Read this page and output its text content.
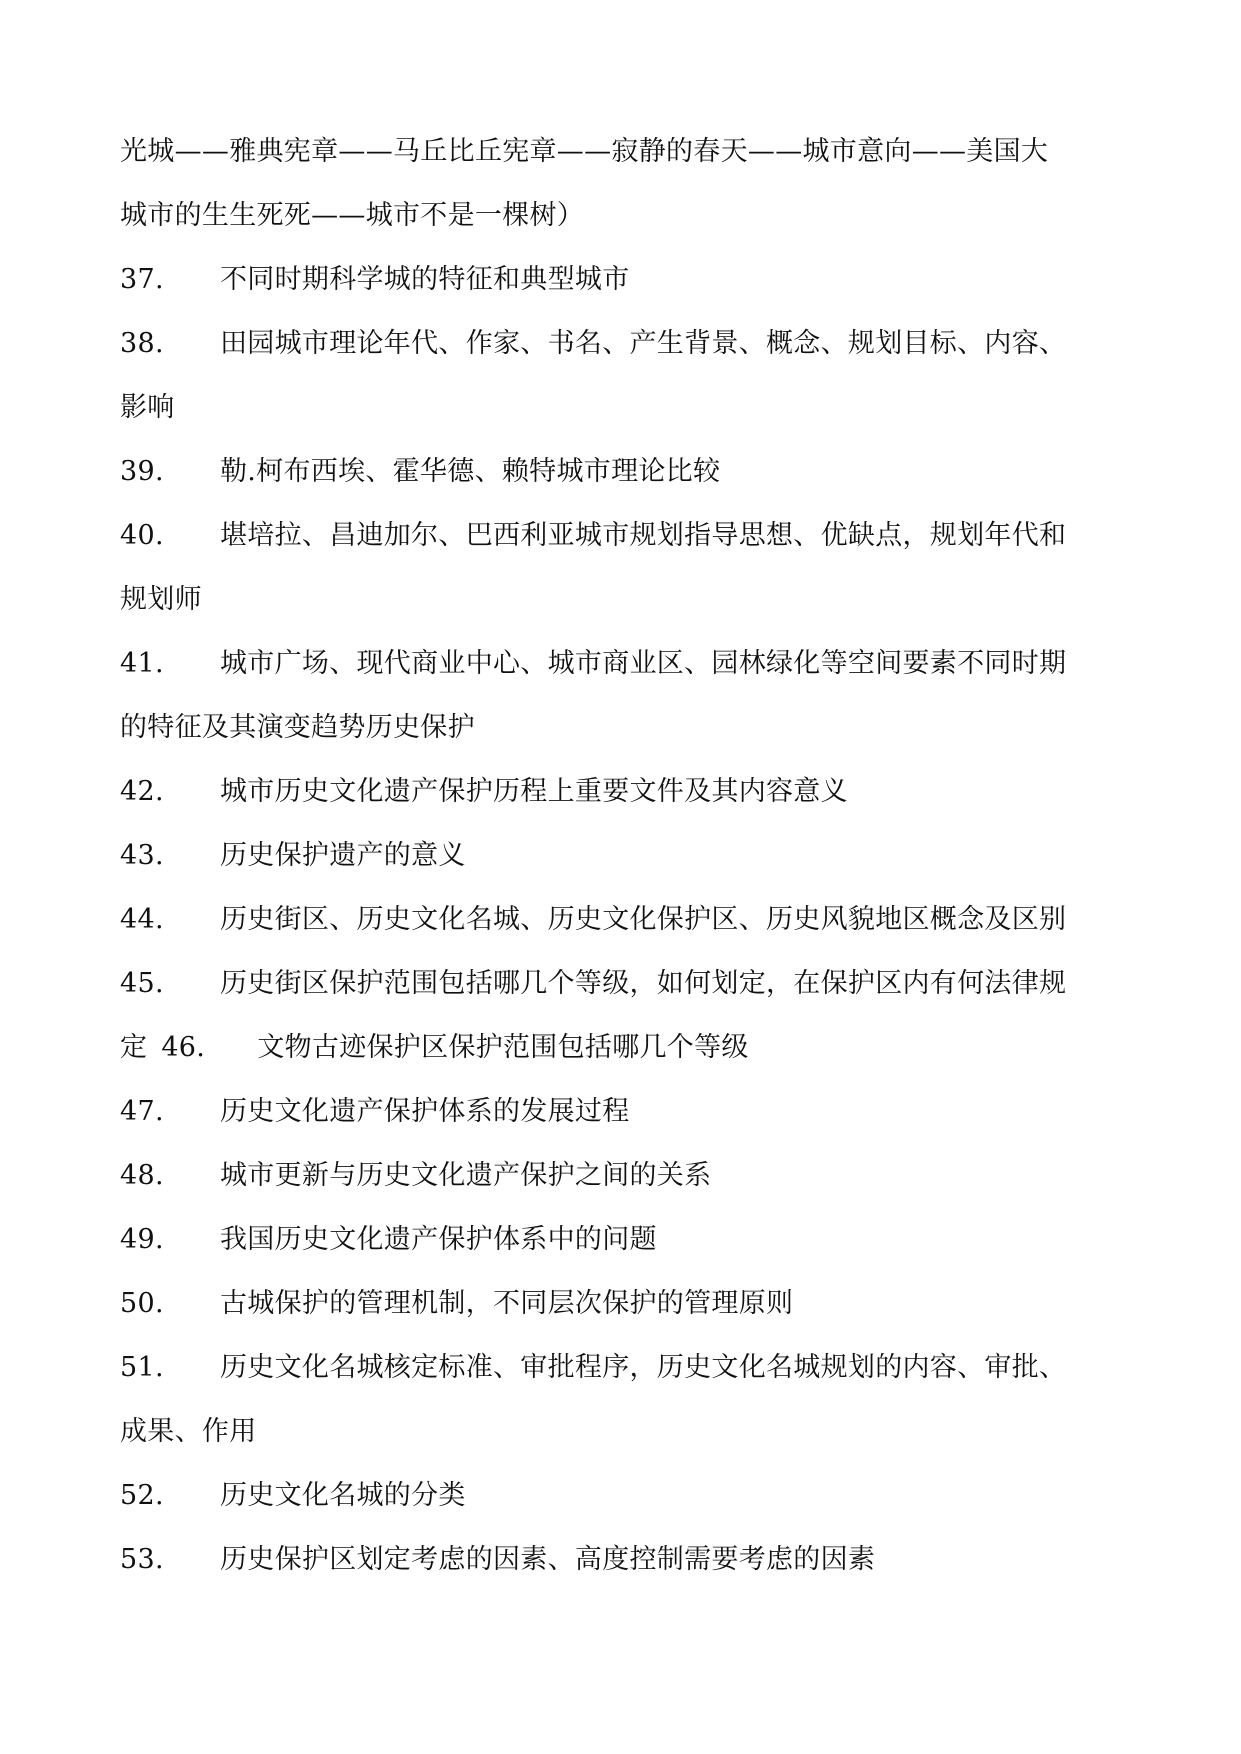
光城——雅典宪章——马丘比丘宪章——寂静的春天——城市意向——美国大
城市的生生死死——城市不是一棵树）
37. 不同时期科学城的特征和典型城市
38. 田园城市理论年代、作家、书名、产生背景、概念、规划目标、内容、
影响
39. 勒.柯布西埃、霍华德、赖特城市理论比较
40. 堪培拉、昌迪加尔、巴西利亚城市规划指导思想、优缺点，规划年代和
规划师
41. 城市广场、现代商业中心、城市商业区、园林绿化等空间要素不同时期
的特征及其演变趋势历史保护
42. 城市历史文化遗产保护历程上重要文件及其内容意义
43. 历史保护遗产的意义
44. 历史街区、历史文化名城、历史文化保护区、历史风貌地区概念及区别
45. 历史街区保护范围包括哪几个等级，如何划定，在保护区内有何法律规
定 46. 文物古迹保护区保护范围包括哪几个等级
47. 历史文化遗产保护体系的发展过程
48. 城市更新与历史文化遗产保护之间的关系
49. 我国历史文化遗产保护体系中的问题
50. 古城保护的管理机制，不同层次保护的管理原则
51. 历史文化名城核定标准、审批程序，历史文化名城规划的内容、审批、
成果、作用
52. 历史文化名城的分类
53. 历史保护区划定考虑的因素、高度控制需要考虑的因素
